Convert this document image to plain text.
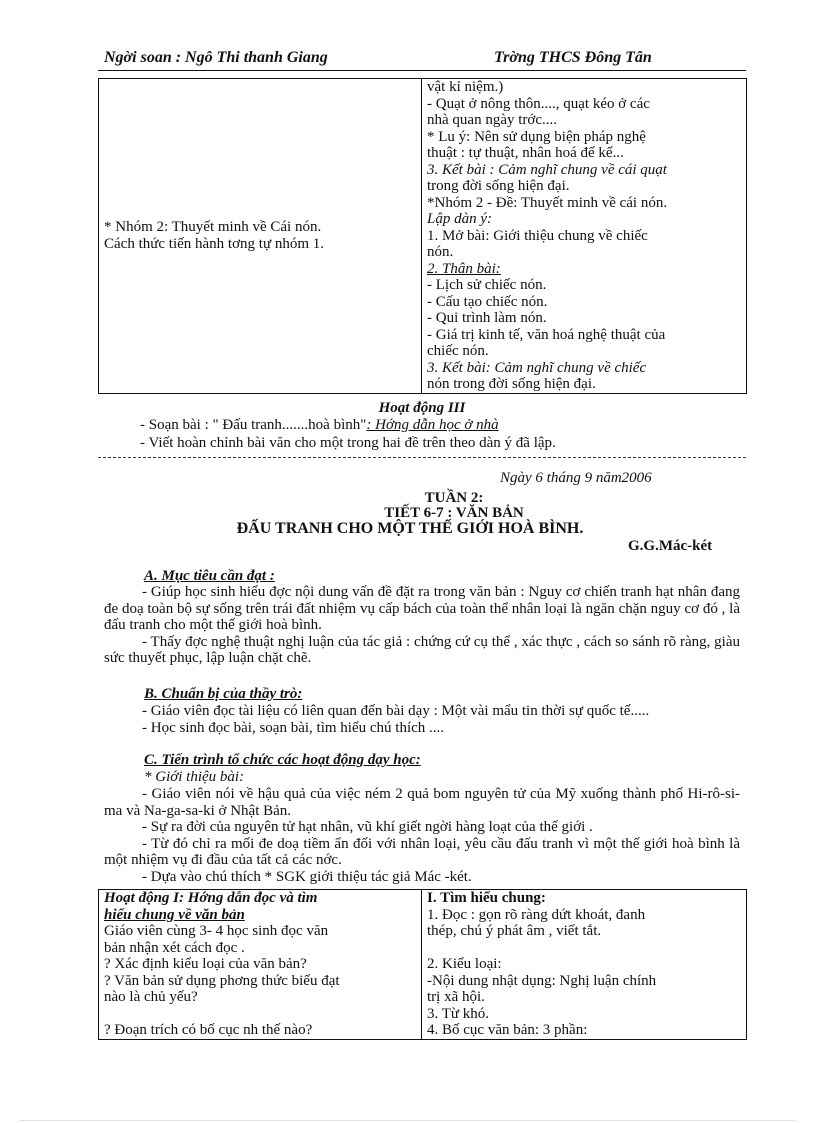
Ngời soan : Ngô Thi thanh Giang	Trờng THCS Đông Tân
* Nhóm 2: Thuyết minh về Cái nón.
Cách thức tiến hành tơng tự nhóm 1.

vật kỉ niệm.)
- Quạt ở nông thôn...., quạt kéo ở các
nhà quan ngày trớc....
* Lu ý: Nên sử dụng biện pháp nghệ
thuật : tự thuật, nhân hoá để kể...
3. Kết bài : Cảm nghĩ chung về cái quạt
trong đời sống hiện đại.
*Nhóm 2 - Đề: Thuyết minh về cái nón.
Lập dàn ý:
1. Mở bài: Giới thiệu chung về chiếc
nón.
2. Thân bài:
- Lịch sử chiếc nón.
- Cấu tạo chiếc nón.
- Qui trình làm nón.
- Giá trị kinh tế, văn hoá nghệ thuật của
chiếc nón.
3. Kết bài: Cảm nghĩ chung về chiếc
nón trong đời sống hiện đại.
Hoạt động III
- Soạn bài : " Đấu tranh.......hoà bình": Hớng dẫn học ở nhà
- Viết hoàn chỉnh bài văn cho một trong hai đề trên theo dàn ý đã lập.
Ngày 6 tháng 9 năm2006
TUẦN 2:
TIẾT 6-7 : VĂN BẢN
ĐẤU TRANH CHO MỘT THẾ GIỚI HOÀ BÌNH.
G.G.Mác-két
A. Mục tiêu cần đạt :

- Giúp học sinh hiểu đợc nội dung vấn đề đặt ra trong văn bản : Nguy cơ chiến tranh hạt nhân đang đe doạ toàn bộ sự sống trên trái đất nhiệm vụ cấp bách của toàn thể nhân loại là ngăn chặn nguy cơ đó , là đấu tranh cho một thế giới hoà bình.

- Thấy đợc nghệ thuật nghị luận của tác giả : chứng cứ cụ thể , xác thực , cách so sánh rõ ràng, giàu sức thuyết phục, lập luận chặt chẽ.

B. Chuẩn bị của thầy trò:

- Giáo viên đọc tài liệu có liên quan đến bài dạy : Một vài mẩu tin thời sự quốc tế.....

- Học sinh đọc bài, soạn bài, tìm hiểu chú thích ....

C. Tiến trình tổ chức các hoạt động dạy học:
* Giới thiệu bài:

- Giáo viên nói về hậu quả của việc ném 2 quả bom nguyên tử của Mỹ xuống thành phố Hi-rô-si-ma và Na-ga-sa-ki ở Nhật Bản.

- Sự ra đời của nguyên tử hạt nhân, vũ khí giết ngời hàng loạt của thế giới .

- Từ đó chỉ ra mối đe doạ tiềm ẩn đối với nhân loại, yêu cầu đấu tranh vì một thế giới hoà bình là một nhiệm vụ đi đầu của tất cả các nớc.

- Dựa vào chú thích * SGK giới thiệu tác giả Mác -két.

Hoạt động I: Hớng dẫn đọc và tìm
hiểu chung về văn bản
Giáo viên cùng 3- 4 học sinh đọc văn
bản nhận xét cách đọc .
? Xác định kiểu loại của văn bản?
? Văn bản sử dụng phơng thức biểu đạt
nào là chủ yếu?
? Đoạn trích có bố cục nh thế nào?

I. Tìm hiểu chung:
1. Đọc : gọn rõ ràng dứt khoát, đanh
thép, chú ý phát âm , viết tắt.
2. Kiểu loại:
-Nội dung nhật dụng: Nghị luận chính
trị xã hội.
3. Từ khó.
4. Bố cục văn bản: 3 phần:
